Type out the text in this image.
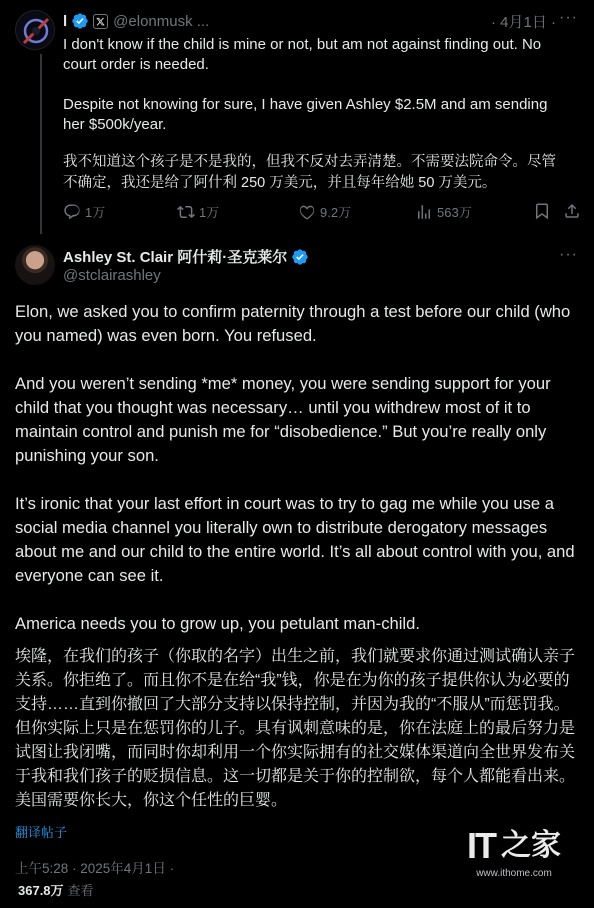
l	@elonmusk ...	· 4月1日 · ···

I don't know if the child is mine or not, but am not against finding out. No court order is needed.

Despite not knowing for sure, I have given Ashley $2.5M and am sending her $500k/year.

我不知道这个孩子是不是我的，但我不反对去弄清楚。不需要法院命令。尽管不确定，我还是给了阿什利 250 万美元，并且每年给她 50 万美元。

1万	1万	9.2万	563万
Ashley St. Clair 阿什莉·圣克莱尔
@stclairashley
···

Elon, we asked you to confirm paternity through a test before our child (who you named) was even born. You refused.

And you weren’t sending *me* money, you were sending support for your child that you thought was necessary… until you withdrew most of it to maintain control and punish me for “disobedience.” But you’re really only punishing your son.

It’s ironic that your last effort in court was to try to gag me while you use a social media channel you literally own to distribute derogatory messages about me and our child to the entire world. It’s all about control with you, and everyone can see it.

America needs you to grow up, you petulant man-child.

埃隆，在我们的孩子（你取的名字）出生之前，我们就要求你通过测试确认亲子关系。你拒绝了。而且你不是在给“我”钱，你是在为你的孩子提供你认为必要的支持……直到你撤回了大部分支持以保持控制，并因为我的“不服从”而惩罚我。但你实际上只是在惩罚你的儿子。具有讽刺意味的是，你在法庭上的最后努力是试图让我闭嘴，而同时你却利用一个你实际拥有的社交媒体渠道向全世界发布关于我和我们孩子的贬损信息。这一切都是关于你的控制欲，每个人都能看出来。美国需要你长大，你这个任性的巨婴。
翻译帖子
上午5:28 · 2025年4月1日 ·
367.8万 查看
IT 之家
www.ithome.com
